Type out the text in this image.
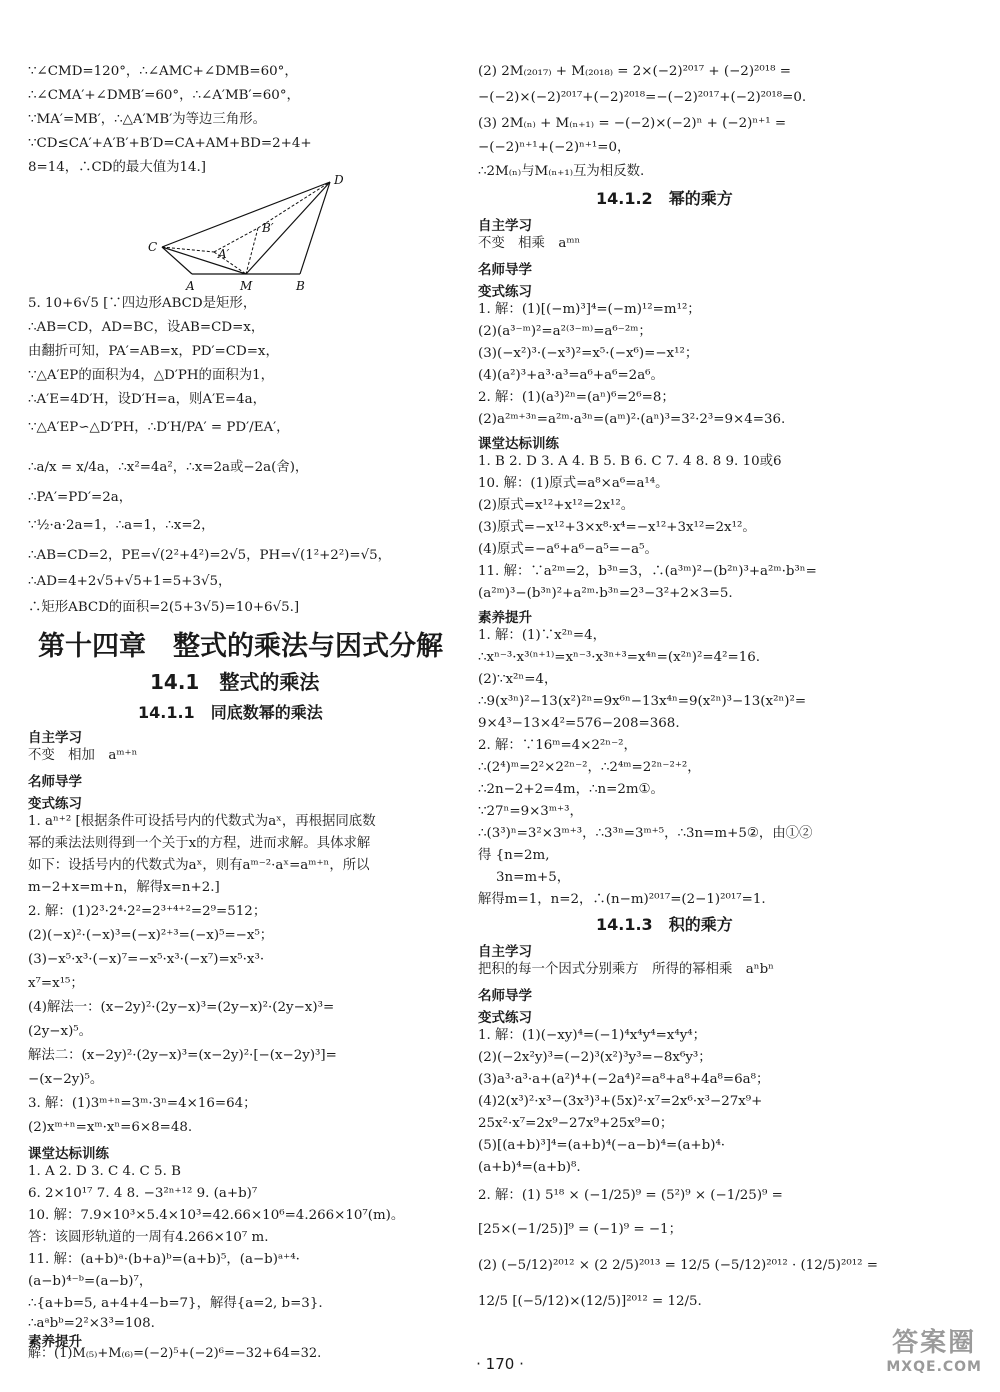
∵∠CMD=120°，∴∠AMC+∠DMB=60°，
∴∠CMA′+∠DMB′=60°，∴∠A′MB′=60°，
∵MA′=MB′，∴△A′MB′为等边三角形。
∵CD≤CA′+A′B′+B′D=CA+AM+BD=2+4+
8=14，∴CD的最大值为14.]
D
B′
C	A′
A	M	B
5. 10+6√5 [∵四边形ABCD是矩形，
∴AB=CD，AD=BC，设AB=CD=x，
由翻折可知，PA′=AB=x，PD′=CD=x，
∵△A′EP的面积为4，△D′PH的面积为1，
∴A′E=4D′H，设D′H=a，则A′E=4a，
∵△A′EP∽△D′PH，∴D′H/PA′ = PD′/EA′，
∴a/x = x/4a，∴x²=4a²，∴x=2a或−2a(舍)，
∴PA′=PD′=2a，
∵½·a·2a=1，∴a=1，∴x=2，
∴AB=CD=2，PE=√(2²+4²)=2√5，PH=√(1²+2²)=√5，
∴AD=4+2√5+√5+1=5+3√5，
∴矩形ABCD的面积=2(5+3√5)=10+6√5.]
第十四章　整式的乘法与因式分解
14.1　整式的乘法
14.1.1　同底数幂的乘法
自主学习
不变　相加　aᵐ⁺ⁿ
名师导学
变式练习
1. aⁿ⁺² [根据条件可设括号内的代数式为aˣ，再根据同底数
幂的乘法法则得到一个关于x的方程，进而求解。具体求解
如下：设括号内的代数式为aˣ，则有aᵐ⁻²·aˣ=aᵐ⁺ⁿ，所以
m−2+x=m+n，解得x=n+2.]
2. 解：(1)2³·2⁴·2²=2³⁺⁴⁺²=2⁹=512；
(2)(−x)²·(−x)³=(−x)²⁺³=(−x)⁵=−x⁵；
(3)−x⁵·x³·(−x)⁷=−x⁵·x³·(−x⁷)=x⁵·x³·
x⁷=x¹⁵；
(4)解法一：(x−2y)²·(2y−x)³=(2y−x)²·(2y−x)³=
(2y−x)⁵。
解法二：(x−2y)²·(2y−x)³=(x−2y)²·[−(x−2y)³]=
−(x−2y)⁵。
3. 解：(1)3ᵐ⁺ⁿ=3ᵐ·3ⁿ=4×16=64；
(2)xᵐ⁺ⁿ=xᵐ·xⁿ=6×8=48.
课堂达标训练
1. A 2. D 3. C 4. C 5. B
6. 2×10¹⁷ 7. 4 8. −3²ⁿ⁺¹² 9. (a+b)⁷
10. 解：7.9×10³×5.4×10³=42.66×10⁶=4.266×10⁷(m)。
答：该圆形轨道的一周有4.266×10⁷ m.
11. 解：(a+b)ᵃ·(b+a)ᵇ=(a+b)⁵，(a−b)ᵃ⁺⁴·
(a−b)⁴⁻ᵇ=(a−b)⁷，
∴{a+b=5, a+4+4−b=7}，解得{a=2, b=3}.
∴aᵃbᵇ=2²×3³=108.
素养提升
解：(1)M₍₅₎+M₍₆₎=(−2)⁵+(−2)⁶=−32+64=32.
(2) 2M₍₂₀₁₇₎ + M₍₂₀₁₈₎ = 2×(−2)²⁰¹⁷ + (−2)²⁰¹⁸ =
−(−2)×(−2)²⁰¹⁷+(−2)²⁰¹⁸=−(−2)²⁰¹⁷+(−2)²⁰¹⁸=0.
(3) 2M₍ₙ₎ + M₍ₙ₊₁₎ = −(−2)×(−2)ⁿ + (−2)ⁿ⁺¹ =
−(−2)ⁿ⁺¹+(−2)ⁿ⁺¹=0，
∴2M₍ₙ₎与M₍ₙ₊₁₎互为相反数.
14.1.2　幂的乘方
自主学习
不变　相乘　aᵐⁿ
名师导学
变式练习
1. 解：(1)[(−m)³]⁴=(−m)¹²=m¹²；
(2)(a³⁻ᵐ)²=a²⁽³⁻ᵐ⁾=a⁶⁻²ᵐ；
(3)(−x²)³·(−x³)²=x⁵·(−x⁶)=−x¹²；
(4)(a²)³+a³·a³=a⁶+a⁶=2a⁶。
2. 解：(1)(a³)²ⁿ=(aⁿ)⁶=2⁶=8；
(2)a²ᵐ⁺³ⁿ=a²ᵐ·a³ⁿ=(aᵐ)²·(aⁿ)³=3²·2³=9×4=36.
课堂达标训练
1. B 2. D 3. A 4. B 5. B 6. C 7. 4 8. 8 9. 10或6
10. 解：(1)原式=a⁸×a⁶=a¹⁴。
(2)原式=x¹²+x¹²=2x¹²。
(3)原式=−x¹²+3×x⁸·x⁴=−x¹²+3x¹²=2x¹²。
(4)原式=−a⁶+a⁶−a⁵=−a⁵。
11. 解：∵a²ᵐ=2，b³ⁿ=3，∴(a³ᵐ)²−(b²ⁿ)³+a²ᵐ·b³ⁿ=
(a²ᵐ)³−(b³ⁿ)²+a²ᵐ·b³ⁿ=2³−3²+2×3=5.
素养提升
1. 解：(1)∵x²ⁿ=4，
∴xⁿ⁻³·x³⁽ⁿ⁺¹⁾=xⁿ⁻³·x³ⁿ⁺³=x⁴ⁿ=(x²ⁿ)²=4²=16.
(2)∵x²ⁿ=4，
∴9(x³ⁿ)²−13(x²)²ⁿ=9x⁶ⁿ−13x⁴ⁿ=9(x²ⁿ)³−13(x²ⁿ)²=
9×4³−13×4²=576−208=368.
2. 解：∵16ᵐ=4×2²ⁿ⁻²，
∴(2⁴)ᵐ=2²×2²ⁿ⁻²，∴2⁴ᵐ=2²ⁿ⁻²⁺²，
∴2n−2+2=4m，∴n=2m①。
∵27ⁿ=9×3ᵐ⁺³，
∴(3³)ⁿ=3²×3ᵐ⁺³，∴3³ⁿ=3ᵐ⁺⁵，∴3n=m+5②，由①②
得 {n=2m,
3n=m+5，
解得m=1，n=2，∴(n−m)²⁰¹⁷=(2−1)²⁰¹⁷=1.
14.1.3　积的乘方
自主学习
把积的每一个因式分别乘方　所得的幂相乘　aⁿbⁿ
名师导学
变式练习
1. 解：(1)(−xy)⁴=(−1)⁴x⁴y⁴=x⁴y⁴；
(2)(−2x²y)³=(−2)³(x²)³y³=−8x⁶y³；
(3)a³·a³·a+(a²)⁴+(−2a⁴)²=a⁸+a⁸+4a⁸=6a⁸；
(4)2(x³)²·x³−(3x³)³+(5x)²·x⁷=2x⁶·x³−27x⁹+
25x²·x⁷=2x⁹−27x⁹+25x⁹=0；
(5)[(a+b)³]⁴=(a+b)⁴(−a−b)⁴=(a+b)⁴·
(a+b)⁴=(a+b)⁸.
2. 解：(1) 5¹⁸ × (−1/25)⁹ = (5²)⁹ × (−1/25)⁹ =
[25×(−1/25)]⁹ = (−1)⁹ = −1；
(2) (−5/12)²⁰¹² × (2 2/5)²⁰¹³ = 12/5 (−5/12)²⁰¹² · (12/5)²⁰¹² =
12/5 [(−5/12)×(12/5)]²⁰¹² = 12/5.
· 170 ·
答案圈
MXQE.COM
